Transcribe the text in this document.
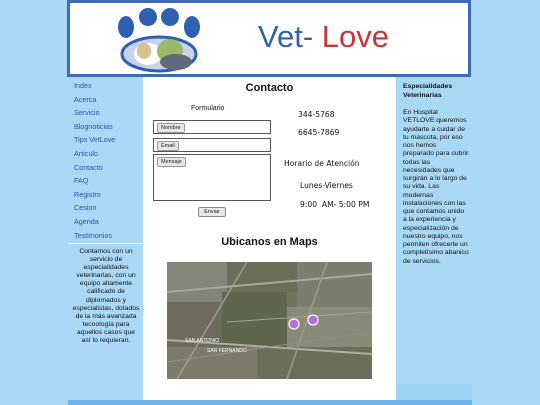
Vet- Love
Index
Acerca
Servicio
Blognoticias
Tips VetLove
Articulo
Contacto
FAQ
Registro
Cesion
Agenda
Testimonios
Contamos con un servicio de especialidades veterinarias, con un equipo altamente calificado de diplomados y especialistas, dotados de la más avanzada tecnología para aquellos casos que así lo requieran.
Contacto
Formulario
Nombre
Email
Mensaje
Enviar
344-5768
6645-7869
Horario de Atención
Lunes-Viernes
9:00  AM- 5:00 PM
Ubicanos en Maps
SAN ANTONIO
SAN FERNANDO
Especialidades Veterinarias
En Hospital VETLOVE queremos ayudarte a cuidar de tu mascota, por eso nos hemos preparado para cubrir todas las necesidades que surgirán a lo largo de su vida. Las modernas instalaciones con las que contamos unido a la experiencia y especialización de nuestro equipo, nos permiten ofrecerte un completísimo abanico de servicios.
